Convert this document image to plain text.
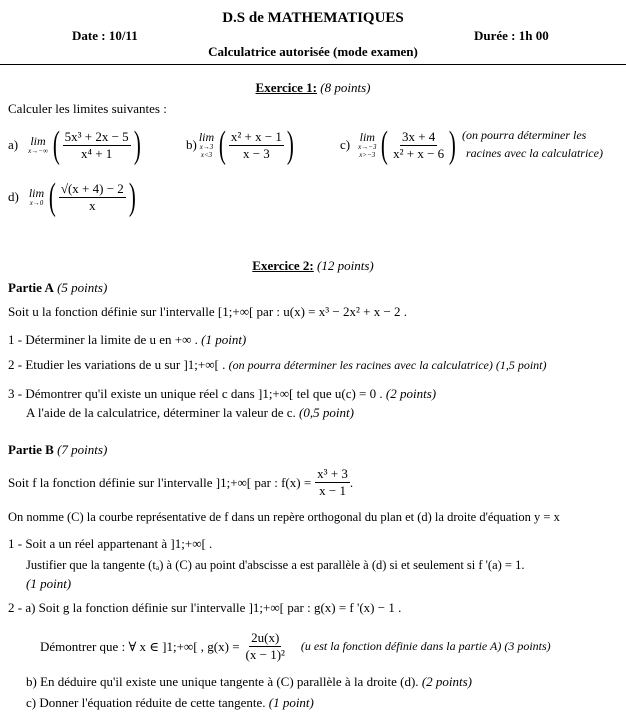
D.S de MATHEMATIQUES
Date : 10/11	Durée : 1h 00
Calculatrice autorisée (mode examen)
Exercice 1: (8 points)
Calculer les limites suivantes :
a) lim
x→−∞ ( $\frac{\text{5x³ + 2x − 5}}{\text{x⁴ + 1}}$ )	b) lim
x→3
x<3 ( $\frac{\text{x² + x − 1}}{x - 3}$ )	c) lim
x→−3
x>−3 ( $\frac{3x + 4}{\text{x² + x − 6}}$ ) (on pourra déterminer les
racines avec la calculatrice)
d) lim
x→0 ( $\frac{√(x + 4) - 2}{x}$ )
Exercice 2: (12 points)
Partie A (5 points)
Soit u la fonction définie sur l'intervalle [1;+∞[ par : u(x) = x³ − 2x² + x − 2 .
1 - Déterminer la limite de u en +∞ . (1 point)
2 - Etudier les variations de u sur ]1;+∞[ . (on pourra déterminer les racines avec la calculatrice) (1,5 point)
3 - Démontrer qu'il existe un unique réel c dans ]1;+∞[ tel que u(c) = 0 . (2 points)
A l'aide de la calculatrice, déterminer la valeur de c. (0,5 point)
Partie B (7 points)
Soit f la fonction définie sur l'intervalle ]1;+∞[ par : $f(x) = \frac{\text{x³ + 3}}{x - 1}$ .
On nomme (C) la courbe représentative de f dans un repère orthogonal du plan et (d) la droite d'équation y = x
1 - Soit a un réel appartenant à ]1;+∞[ .
Justifier que la tangente (tₐ) à (C) au point d'abscisse a est parallèle à (d) si et seulement si f '(a) = 1.
(1 point)
2 - a) Soit g la fonction définie sur l'intervalle ]1;+∞[ par : g(x) = f '(x) − 1 .
Démontrer que : ∀ x ∈ ]1;+∞[ , $g(x) = \frac{2u(x)}{\text{(x − 1)²}} (u$ est la fonction définie dans la partie A) (3 points)
b) En déduire qu'il existe une unique tangente à (C) parallèle à la droite (d). (2 points)
c) Donner l'équation réduite de cette tangente. (1 point)
